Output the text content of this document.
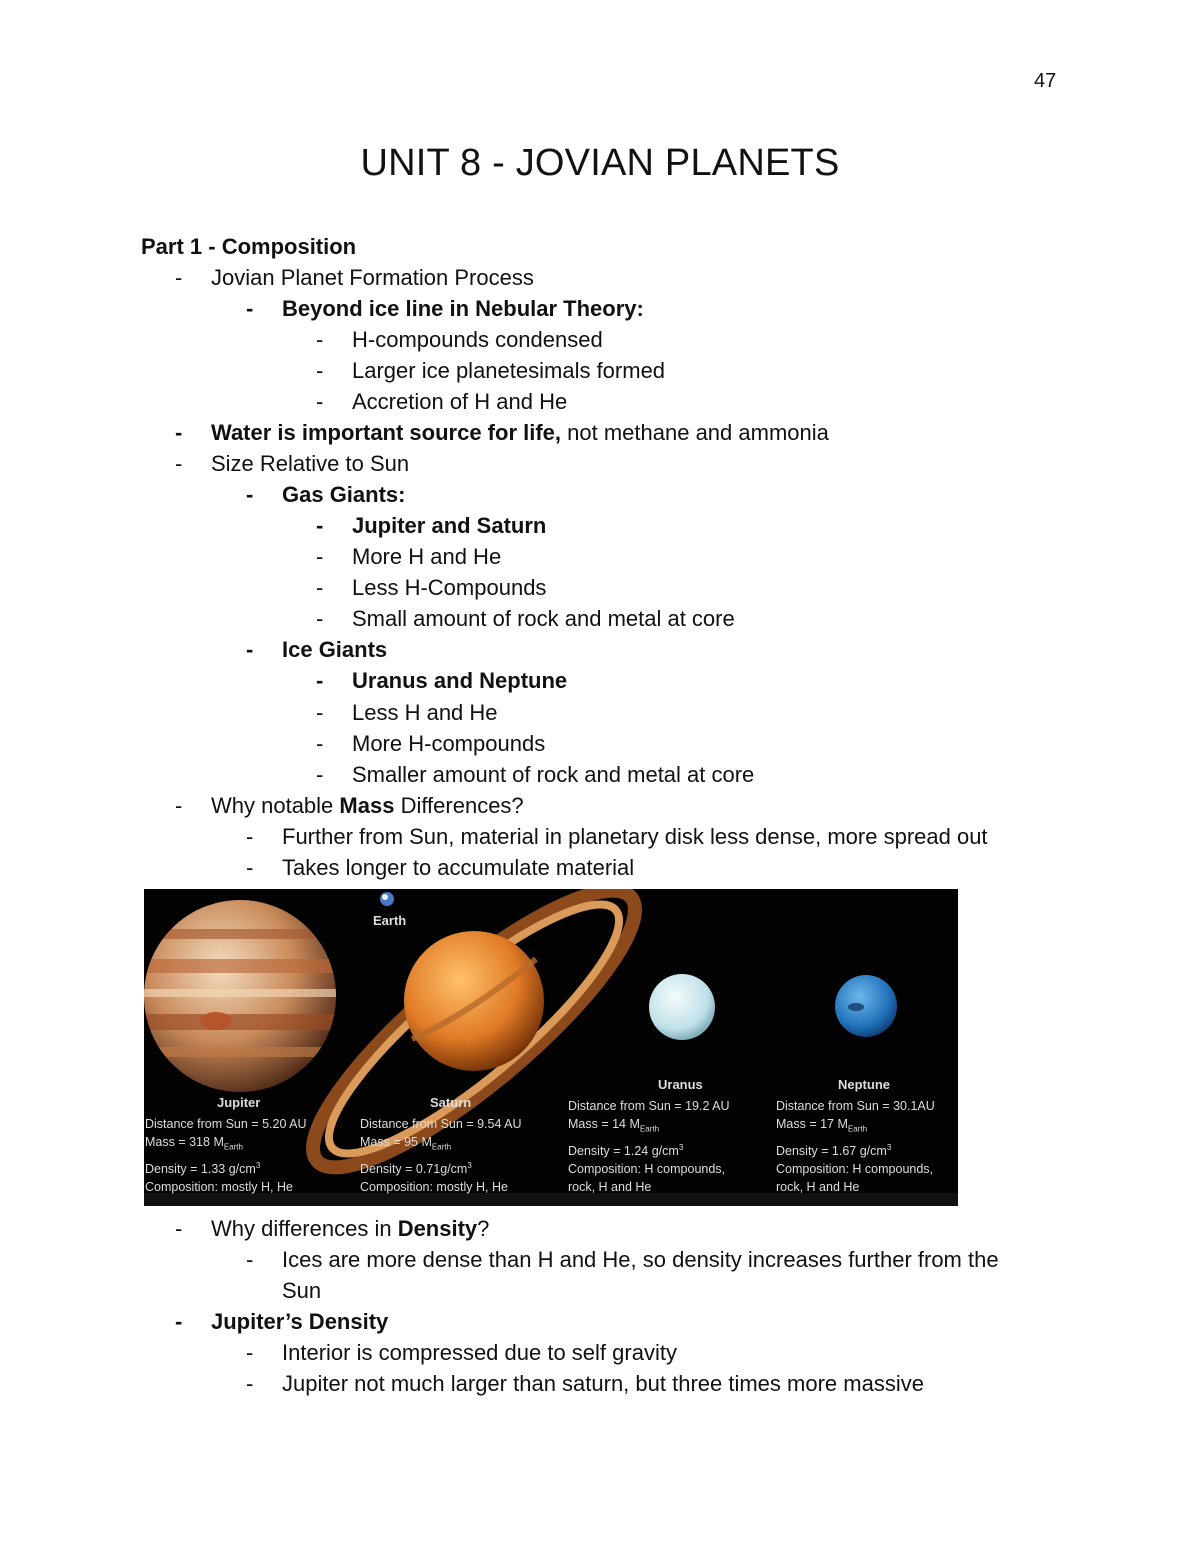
47
UNIT 8 - JOVIAN PLANETS
Part 1 - Composition
- Jovian Planet Formation Process
- Beyond ice line in Nebular Theory:
- H-compounds condensed
- Larger ice planetesimals formed
- Accretion of H and He
- Water is important source for life, not methane and ammonia
- Size Relative to Sun
- Gas Giants:
- Jupiter and Saturn
- More H and He
- Less H-Compounds
- Small amount of rock and metal at core
- Ice Giants
- Uranus and Neptune
- Less H and He
- More H-compounds
- Smaller amount of rock and metal at core
- Why notable Mass Differences?
- Further from Sun, material in planetary disk less dense, more spread out
- Takes longer to accumulate material
Earth
Jupiter
Distance from Sun = 5.20 AU
Mass = 318 $M_{Earth}$
Density = 1.33 $g/cm^3$
Composition: mostly H, He
Saturn
Distance from Sun = 9.54 AU
Mass = 95 $M_{Earth}$
Density = $0.71g/cm^3$
Composition: mostly H, He
Uranus
Distance from Sun = 19.2 AU
Mass = 14 $M_{Earth}$
Density = 1.24 $g/cm^3$
Composition: H compounds,
rock, H and He
Neptune
Distance from Sun = 30.1AU
Mass = 17 $M_{Earth}$
Density = 1.67 $g/cm^3$
Composition: H compounds,
rock, H and He
- Why differences in Density?
- Ices are more dense than H and He, so density increases further from the
Sun
- Jupiter’s Density
- Interior is compressed due to self gravity
- Jupiter not much larger than saturn, but three times more massive
